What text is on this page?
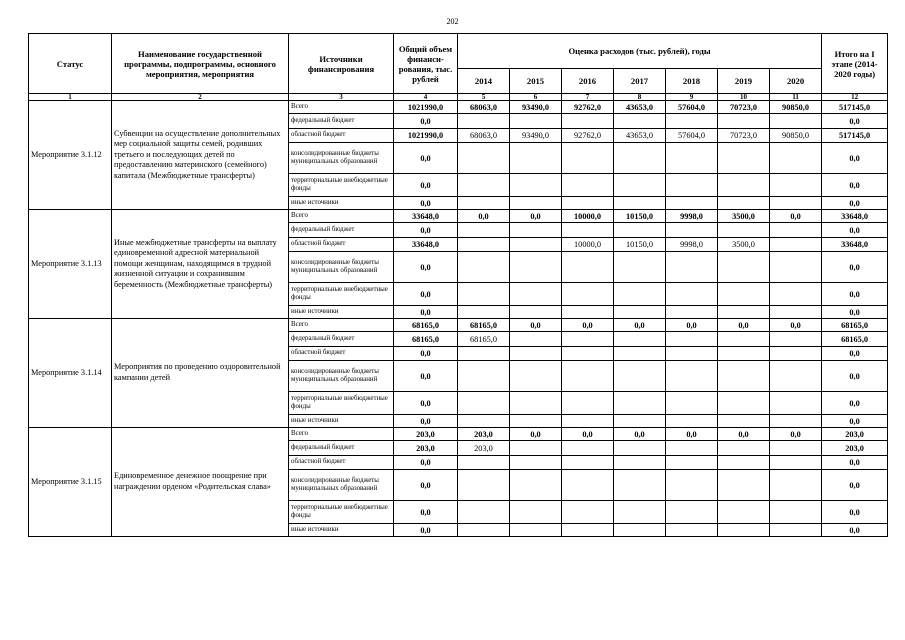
202
Статус	Наименование государственной программы, подпрограммы, основного мероприятия, мероприятия	Источники финансирования	Общий объем финанси-рования, тыс. рублей	Оценка расходов (тыс. рублей), годы							Итого на I этапе (2014-2020 годы)
				2014	2015	2016	2017	2018	2019	2020	
1	2	3	4	5	6	7	8	9	10	11	12
Мероприятие 3.1.12	Субвенции на осуществление дополнительных мер социальной защиты семей, родивших третьего и последующих детей по предоставлению материнского (семейного) капитала (Межбюджетные трансферты)	Всего	1021990,0	68063,0	93490,0	92762,0	43653,0	57604,0	70723,0	90850,0	517145,0
		федеральный бюджет	0,0								0,0
		областной бюджет	1021990,0	68063,0	93490,0	92762,0	43653,0	57604,0	70723,0	90850,0	517145,0
		консолидированные бюджеты муниципальных образований	0,0								0,0
		территориальные внебюджетные фонды	0,0								0,0
		иные источники	0,0								0,0
Мероприятие 3.1.13	Иные межбюджетные трансферты на выплату единовременной адресной материальной помощи женщинам, находящимся в трудной жизненной ситуации и сохранившим беременность (Межбюджетные трансферты)	Всего	33648,0	0,0	0,0	10000,0	10150,0	9998,0	3500,0	0,0	33648,0
		федеральный бюджет	0,0								0,0
		областной бюджет	33648,0			10000,0	10150,0	9998,0	3500,0		33648,0
		консолидированные бюджеты муниципальных образований	0,0								0,0
		территориальные внебюджетные фонды	0,0								0,0
		иные источники	0,0								0,0
Мероприятие 3.1.14	Мероприятия по проведению оздоровительной кампании детей	Всего	68165,0	68165,0	0,0	0,0	0,0	0,0	0,0	0,0	68165,0
		федеральный бюджет	68165,0	68165,0							68165,0
		областной бюджет	0,0								0,0
		консолидированные бюджеты муниципальных образований	0,0								0,0
		территориальные внебюджетные фонды	0,0								0,0
		иные источники	0,0								0,0
Мероприятие 3.1.15	Единовременное денежное поощрение при награждении орденом «Родительская слава»	Всего	203,0	203,0	0,0	0,0	0,0	0,0	0,0	0,0	203,0
		федеральный бюджет	203,0	203,0							203,0
		областной бюджет	0,0								0,0
		консолидированные бюджеты муниципальных образований	0,0								0,0
		территориальные внебюджетные фонды	0,0								0,0
		иные источники	0,0								0,0
